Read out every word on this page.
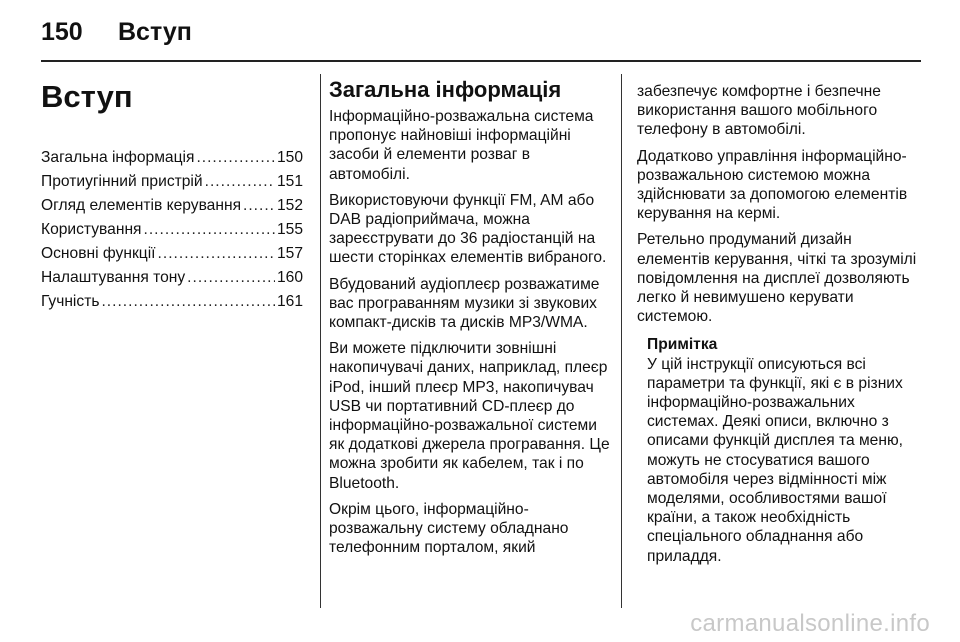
150	Вступ
Вступ
Загальна інформація .....	150
Протиугінний пристрій .....	151
Огляд елементів керування ..... 152
Користування .....	155
Основні функції .....	157
Налаштування тону .....	160
Гучність .....	161
Загальна інформація

Інформаційно-розважальна система пропонує найновіші інформаційні засоби й елементи розваг в автомобілі.

Використовуючи функції FM, AM або DAB радіоприймача, можна зареєструвати до 36 радіостанцій на шести сторінках елементів вибраного.

Вбудований аудіоплеєр розважатиме вас програванням музики зі звукових компакт-дисків та дисків MP3/WMA.

Ви можете підключити зовнішні накопичувачі даних, наприклад, плеєр iPod, інший плеєр MP3, накопичувач USB чи портативний CD-плеєр до інформаційно-розважальної системи як додаткові джерела програвання. Це можна зробити як кабелем, так і по Bluetooth.

Окрім цього, інформаційно-розважальну систему обладнано телефонним порталом, який

забезпечує комфортне і безпечне використання вашого мобільного телефону в автомобілі.

Додатково управління інформаційно-розважальною системою можна здійснювати за допомогою елементів керування на кермі.

Ретельно продуманий дизайн елементів керування, чіткі та зрозумілі повідомлення на дисплеї дозволяють легко й невимушено керувати системою.

Примітка
У цій інструкції описуються всі параметри та функції, які є в різних інформаційно-розважальних системах. Деякі описи, включно з описами функцій дисплея та меню, можуть не стосуватися вашого автомобіля через відмінності між моделями, особливостями вашої країни, а також необхідність спеціального обладнання або приладдя.
carmanualsonline.info
